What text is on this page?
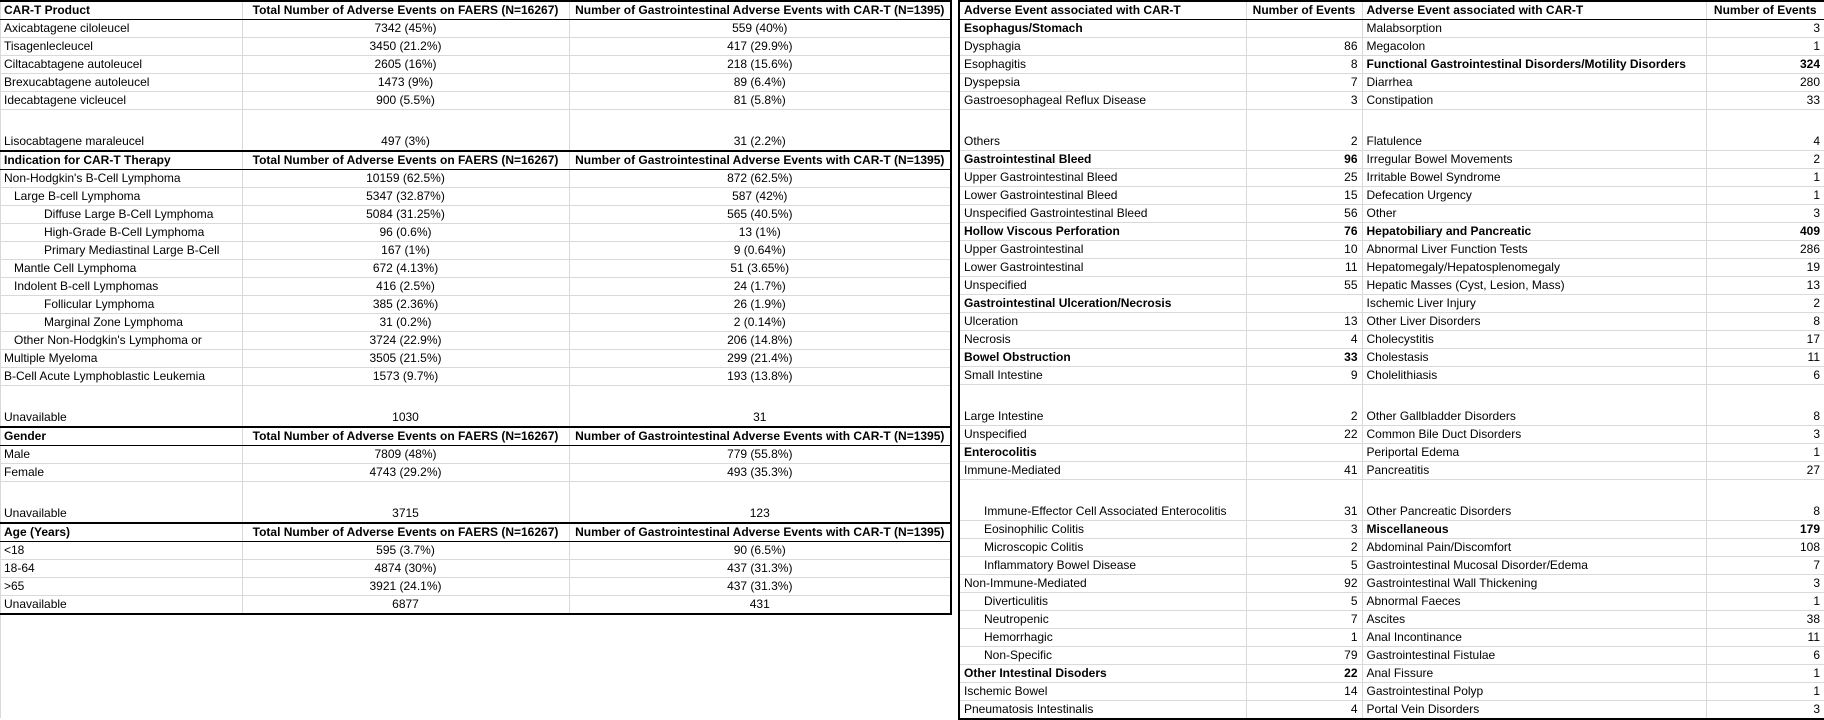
CAR-T Product	Total Number of Adverse Events on FAERS (N=16267)	Number of Gastrointestinal Adverse Events with CAR-T (N=1395)
Axicabtagene ciloleucel	7342 (45%)	559 (40%)
Tisagenlecleucel	3450 (21.2%)	417 (29.9%)
Ciltacabtagene autoleucel	2605 (16%)	218 (15.6%)
Brexucabtagene autoleucel	1473 (9%)	89 (6.4%)
Idecabtagene vicleucel	900 (5.5%)	81 (5.8%)
Lisocabtagene maraleucel	497 (3%)	31 (2.2%)
Indication for CAR-T Therapy	Total Number of Adverse Events on FAERS (N=16267)	Number of Gastrointestinal Adverse Events with CAR-T (N=1395)
Non-Hodgkin's B-Cell Lymphoma	10159 (62.5%)	872 (62.5%)
Large B-cell Lymphoma	5347 (32.87%)	587 (42%)
Diffuse Large B-Cell Lymphoma	5084 (31.25%)	565 (40.5%)
High-Grade B-Cell Lymphoma	96 (0.6%)	13 (1%)
Primary Mediastinal Large B-Cell	167 (1%)	9 (0.64%)
Mantle Cell Lymphoma	672 (4.13%)	51 (3.65%)
Indolent B-cell Lymphomas	416 (2.5%)	24 (1.7%)
Follicular Lymphoma	385 (2.36%)	26 (1.9%)
Marginal Zone Lymphoma	31 (0.2%)	2 (0.14%)
Other Non-Hodgkin's Lymphoma or	3724 (22.9%)	206 (14.8%)
Multiple Myeloma	3505 (21.5%)	299 (21.4%)
B-Cell Acute Lymphoblastic Leukemia	1573 (9.7%)	193 (13.8%)
Unavailable	1030	31
Gender	Total Number of Adverse Events on FAERS (N=16267)	Number of Gastrointestinal Adverse Events with CAR-T (N=1395)
Male	7809 (48%)	779 (55.8%)
Female	4743 (29.2%)	493 (35.3%)
Unavailable	3715	123
Age (Years)	Total Number of Adverse Events on FAERS (N=16267)	Number of Gastrointestinal Adverse Events with CAR-T (N=1395)
<18	595 (3.7%)	90 (6.5%)
18-64	4874 (30%)	437 (31.3%)
>65	3921 (24.1%)	437 (31.3%)
Unavailable	6877	431
Adverse Event associated with CAR-T	Number of Events	Adverse Event associated with CAR-T	Number of Events
Esophagus/Stomach		Malabsorption	3
Dysphagia	86	Megacolon	1
Esophagitis	8	Functional Gastrointestinal Disorders/Motility Disorders	324
Dyspepsia	7	Diarrhea	280
Gastroesophageal Reflux Disease	3	Constipation	33
Others	2	Flatulence	4
Gastrointestinal Bleed	96	Irregular Bowel Movements	2
Upper Gastrointestinal Bleed	25	Irritable Bowel Syndrome	1
Lower Gastrointestinal Bleed	15	Defecation Urgency	1
Unspecified Gastrointestinal Bleed	56	Other	3
Hollow Viscous Perforation	76	Hepatobiliary and Pancreatic	409
Upper Gastrointestinal	10	Abnormal Liver Function Tests	286
Lower Gastrointestinal	11	Hepatomegaly/Hepatosplenomegaly	19
Unspecified	55	Hepatic Masses (Cyst, Lesion, Mass)	13
Gastrointestinal Ulceration/Necrosis		Ischemic Liver Injury	2
Ulceration	13	Other Liver Disorders	8
Necrosis	4	Cholecystitis	17
Bowel Obstruction	33	Cholestasis	11
Small Intestine	9	Cholelithiasis	6
Large Intestine	2	Other Gallbladder Disorders	8
Unspecified	22	Common Bile Duct Disorders	3
Enterocolitis		Periportal Edema	1
Immune-Mediated	41	Pancreatitis	27
Immune-Effector Cell Associated Enterocolitis	31	Other Pancreatic Disorders	8
Eosinophilic Colitis	3	Miscellaneous	179
Microscopic Colitis	2	Abdominal Pain/Discomfort	108
Inflammatory Bowel Disease	5	Gastrointestinal Mucosal Disorder/Edema	7
Non-Immune-Mediated	92	Gastrointestinal Wall Thickening	3
Diverticulitis	5	Abnormal Faeces	1
Neutropenic	7	Ascites	38
Hemorrhagic	1	Anal Incontinance	11
Non-Specific	79	Gastrointestinal Fistulae	6
Other Intestinal Disoders	22	Anal Fissure	1
Ischemic Bowel	14	Gastrointestinal Polyp	1
Pneumatosis Intestinalis	4	Portal Vein Disorders	3
